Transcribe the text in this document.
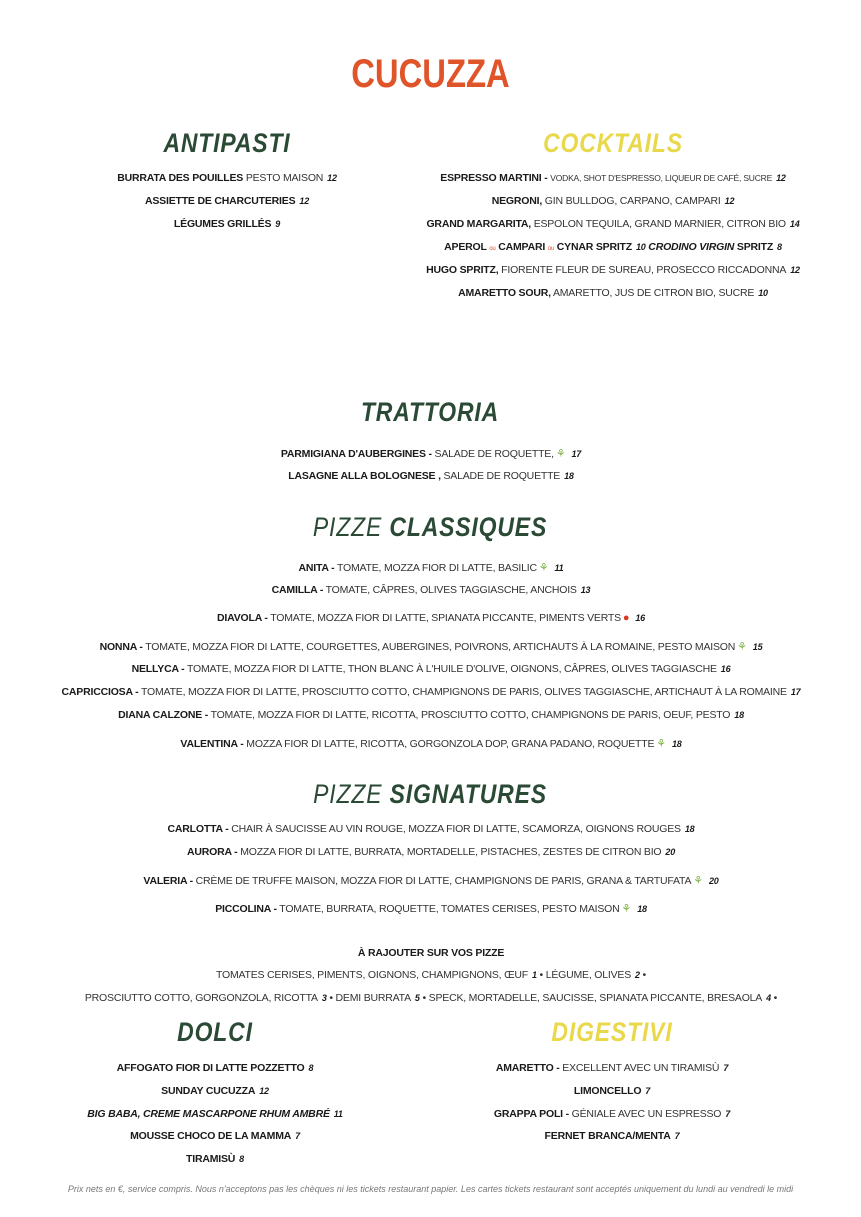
CUCUZZA
ANTIPASTI	COCKTAILS
TRATTORIA
PIZZE CLASSIQUES
PIZZE SIGNATURES
DOLCI	DIGESTIVI
BURRATA DES POUILLES PESTO MAISON 12
ASSIETTE DE CHARCUTERIES 12
LÉGUMES GRILLÉS 9
ESPRESSO MARTINI - VODKA, SHOT D'ESPRESSO, LIQUEUR DE CAFÉ, SUCRE 12
NEGRONI, GIN BULLDOG, CARPANO, CAMPARI 12
GRAND MARGARITA, ESPOLON TEQUILA, GRAND MARNIER, CITRON BIO 14
APEROL ou CAMPARI ou CYNAR SPRITZ 10 CRODINO VIRGIN SPRITZ 8
HUGO SPRITZ, FIORENTE FLEUR DE SUREAU, PROSECCO RICCADONNA 12
AMARETTO SOUR, AMARETTO, JUS DE CITRON BIO, SUCRE 10
PARMIGIANA D'AUBERGINES - SALADE DE ROQUETTE, ⚘ 17
LASAGNE ALLA BOLOGNESE , SALADE DE ROQUETTE 18
ANITA - TOMATE, MOZZA FIOR DI LATTE, BASILIC ⚘ 11
CAMILLA - TOMATE, CÂPRES, OLIVES TAGGIASCHE, ANCHOIS 13
DIAVOLA - TOMATE, MOZZA FIOR DI LATTE, SPIANATA PICCANTE, PIMENTS VERTS ● 16
NONNA - TOMATE, MOZZA FIOR DI LATTE, COURGETTES, AUBERGINES, POIVRONS, ARTICHAUTS À LA ROMAINE, PESTO MAISON ⚘ 15
NELLYCA - TOMATE, MOZZA FIOR DI LATTE, THON BLANC À L'HUILE D'OLIVE, OIGNONS, CÂPRES, OLIVES TAGGIASCHE 16
CAPRICCIOSA - TOMATE, MOZZA FIOR DI LATTE, PROSCIUTTO COTTO, CHAMPIGNONS DE PARIS, OLIVES TAGGIASCHE, ARTICHAUT À LA ROMAINE 17
DIANA CALZONE - TOMATE, MOZZA FIOR DI LATTE, RICOTTA, PROSCIUTTO COTTO, CHAMPIGNONS DE PARIS, OEUF, PESTO 18
VALENTINA - MOZZA FIOR DI LATTE, RICOTTA, GORGONZOLA DOP, GRANA PADANO, ROQUETTE ⚘ 18
CARLOTTA - CHAIR À SAUCISSE AU VIN ROUGE, MOZZA FIOR DI LATTE, SCAMORZA, OIGNONS ROUGES 18
AURORA - MOZZA FIOR DI LATTE, BURRATA, MORTADELLE, PISTACHES, ZESTES DE CITRON BIO 20
VALERIA - CRÈME DE TRUFFE MAISON, MOZZA FIOR DI LATTE, CHAMPIGNONS DE PARIS, GRANA & TARTUFATA ⚘ 20
PICCOLINA - TOMATE, BURRATA, ROQUETTE, TOMATES CERISES, PESTO MAISON ⚘ 18
À RAJOUTER SUR VOS PIZZE
TOMATES CERISES, PIMENTS, OIGNONS, CHAMPIGNONS, ŒUF 1 • LÉGUME, OLIVES 2 •
PROSCIUTTO COTTO, GORGONZOLA, RICOTTA 3 • DEMI BURRATA 5 • SPECK, MORTADELLE, SAUCISSE, SPIANATA PICCANTE, BRESAOLA 4 •
AFFOGATO FIOR DI LATTE POZZETTO 8
SUNDAY CUCUZZA 12
BIG BABA, CREME MASCARPONE RHUM AMBRÉ 11
MOUSSE CHOCO DE LA MAMMA 7
TIRAMISÙ 8
AMARETTO - EXCELLENT AVEC UN TIRAMISÙ 7
LIMONCELLO 7
GRAPPA POLI - GÉNIALE AVEC UN ESPRESSO 7
FERNET BRANCA/MENTA 7
Prix nets en €, service compris. Nous n'acceptons pas les chèques ni les tickets restaurant papier. Les cartes tickets restaurant sont acceptés uniquement du lundi au vendredi le midi
